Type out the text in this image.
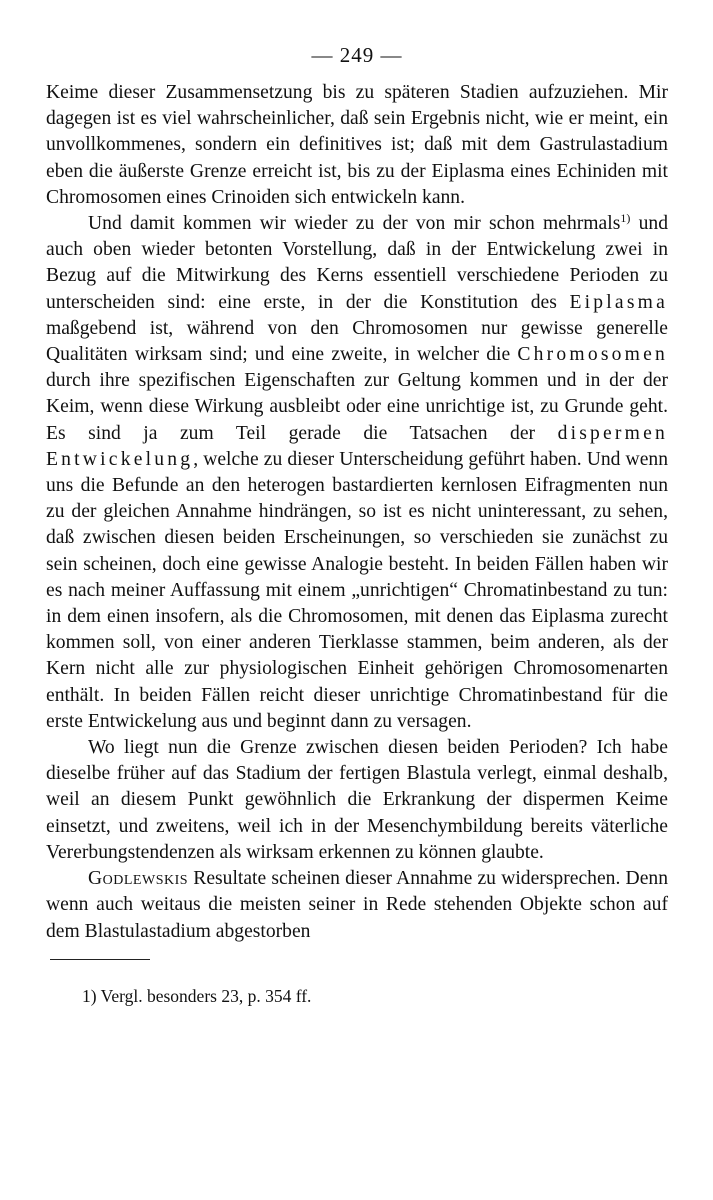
— 249 —

Keime dieser Zusammensetzung bis zu späteren Stadien aufzuziehen. Mir dagegen ist es viel wahrscheinlicher, daß sein Ergebnis nicht, wie er meint, ein unvollkommenes, sondern ein definitives ist; daß mit dem Gastrulastadium eben die äußerste Grenze erreicht ist, bis zu der Eiplasma eines Echiniden mit Chromosomen eines Crinoiden sich entwickeln kann.

Und damit kommen wir wieder zu der von mir schon mehrmals$^{1)}$ und auch oben wieder betonten Vorstellung, daß in der Entwickelung zwei in Bezug auf die Mitwirkung des Kerns essentiell verschiedene Perioden zu unterscheiden sind: eine erste, in der die Konstitution des Eiplasma maßgebend ist, während von den Chromosomen nur gewisse generelle Qualitäten wirksam sind; und eine zweite, in welcher die Chromosomen durch ihre spezifischen Eigenschaften zur Geltung kommen und in der der Keim, wenn diese Wirkung ausbleibt oder eine unrichtige ist, zu Grunde geht. Es sind ja zum Teil gerade die Tatsachen der dispermen Entwickelung, welche zu dieser Unterscheidung geführt haben. Und wenn uns die Befunde an den heterogen bastardierten kernlosen Eifragmenten nun zu der gleichen Annahme hindrängen, so ist es nicht uninteressant, zu sehen, daß zwischen diesen beiden Erscheinungen, so verschieden sie zunächst zu sein scheinen, doch eine gewisse Analogie besteht. In beiden Fällen haben wir es nach meiner Auffassung mit einem „unrichtigen“ Chromatinbestand zu tun: in dem einen insofern, als die Chromosomen, mit denen das Eiplasma zurecht kommen soll, von einer anderen Tierklasse stammen, beim anderen, als der Kern nicht alle zur physiologischen Einheit gehörigen Chromosomenarten enthält. In beiden Fällen reicht dieser unrichtige Chromatinbestand für die erste Entwickelung aus und beginnt dann zu versagen.

Wo liegt nun die Grenze zwischen diesen beiden Perioden? Ich habe dieselbe früher auf das Stadium der fertigen Blastula verlegt, einmal deshalb, weil an diesem Punkt gewöhnlich die Erkrankung der dispermen Keime einsetzt, und zweitens, weil ich in der Mesenchymbildung bereits väterliche Vererbungstendenzen als wirksam erkennen zu können glaubte.

Godlewskis Resultate scheinen dieser Annahme zu widersprechen. Denn wenn auch weitaus die meisten seiner in Rede stehenden Objekte schon auf dem Blastulastadium abgestorben

1) Vergl. besonders 23, p. 354 ff.
